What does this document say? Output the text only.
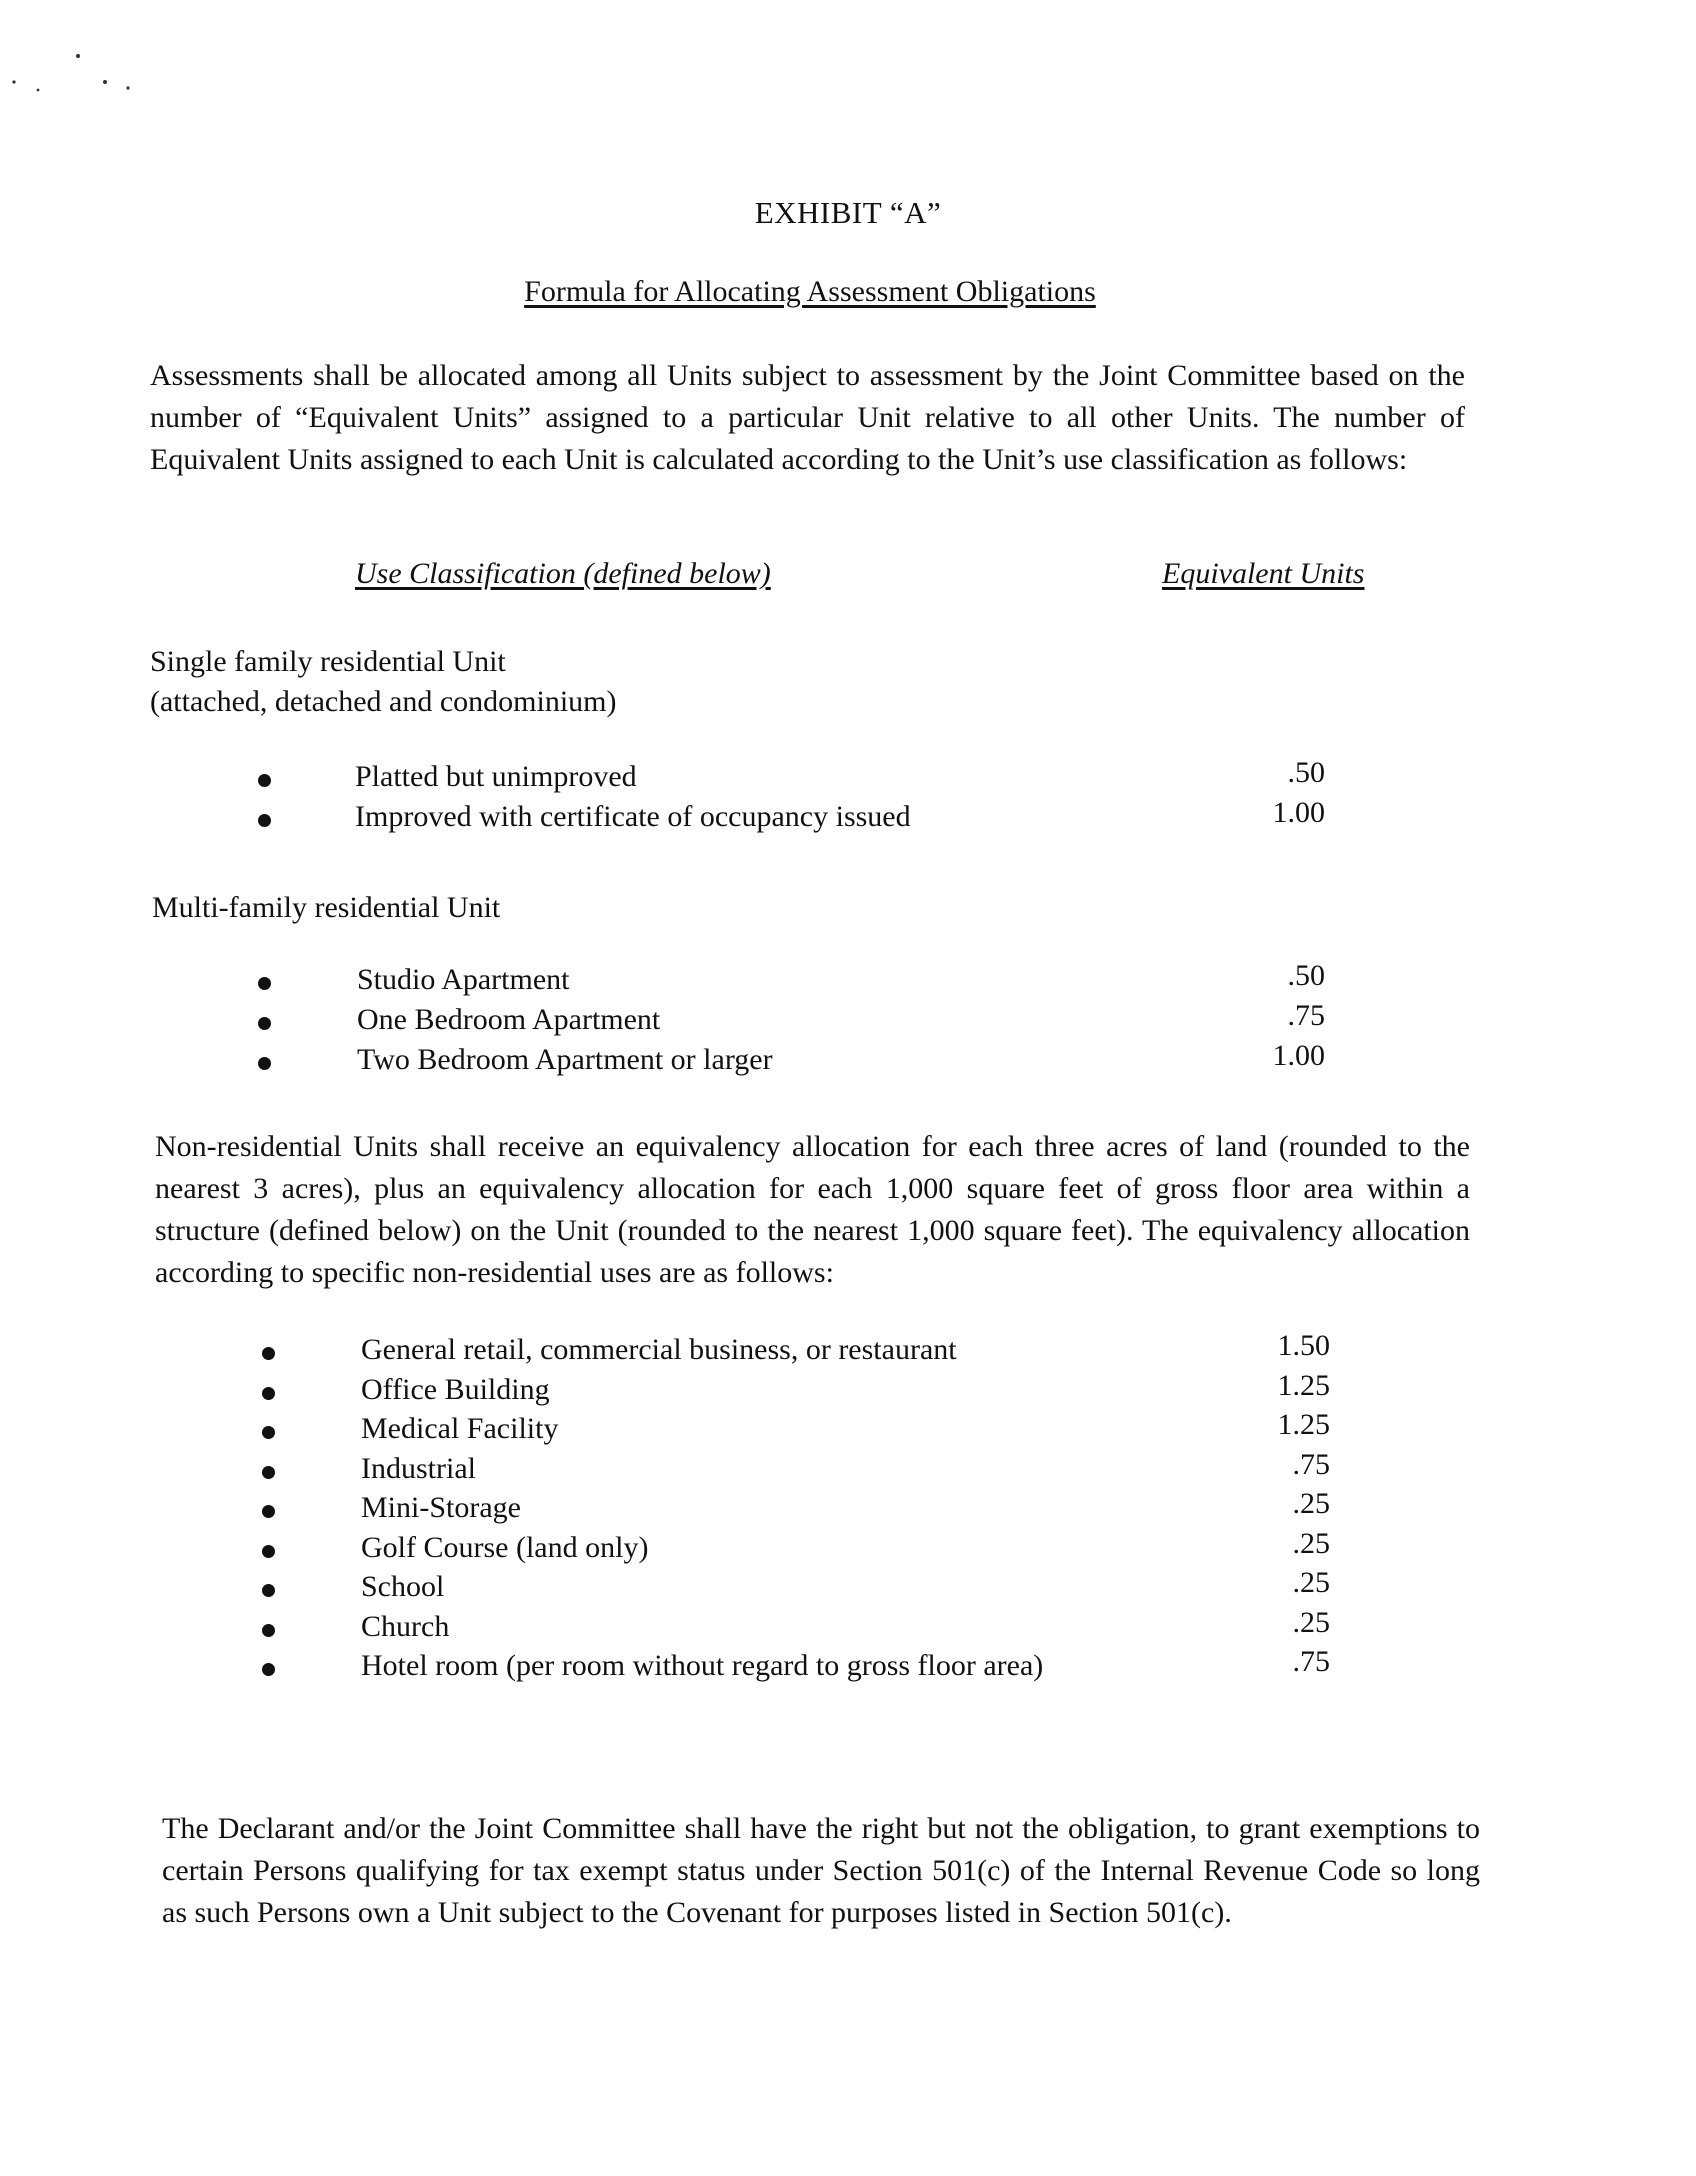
EXHIBIT “A”
Formula for Allocating Assessment Obligations
Assessments shall be allocated among all Units subject to assessment by the Joint Committee based on the number of “Equivalent Units” assigned to a particular Unit relative to all other Units. The number of Equivalent Units assigned to each Unit is calculated according to the Unit’s use classification as follows:
Use Classification (defined below)	Equivalent Units
Single family residential Unit
(attached, detached and condominium)
Platted but unimproved	.50
Improved with certificate of occupancy issued	1.00
Multi-family residential Unit
Studio Apartment	.50
One Bedroom Apartment	.75
Two Bedroom Apartment or larger	1.00
Non-residential Units shall receive an equivalency allocation for each three acres of land (rounded to the nearest 3 acres), plus an equivalency allocation for each 1,000 square feet of gross floor area within a structure (defined below) on the Unit (rounded to the nearest 1,000 square feet). The equivalency allocation according to specific non-residential uses are as follows:
General retail, commercial business, or restaurant	1.50
Office Building	1.25
Medical Facility	1.25
Industrial	.75
Mini-Storage	.25
Golf Course (land only)	.25
School	.25
Church	.25
Hotel room (per room without regard to gross floor area)	.75
The Declarant and/or the Joint Committee shall have the right but not the obligation, to grant exemptions to certain Persons qualifying for tax exempt status under Section 501(c) of the Internal Revenue Code so long as such Persons own a Unit subject to the Covenant for purposes listed in Section 501(c).
